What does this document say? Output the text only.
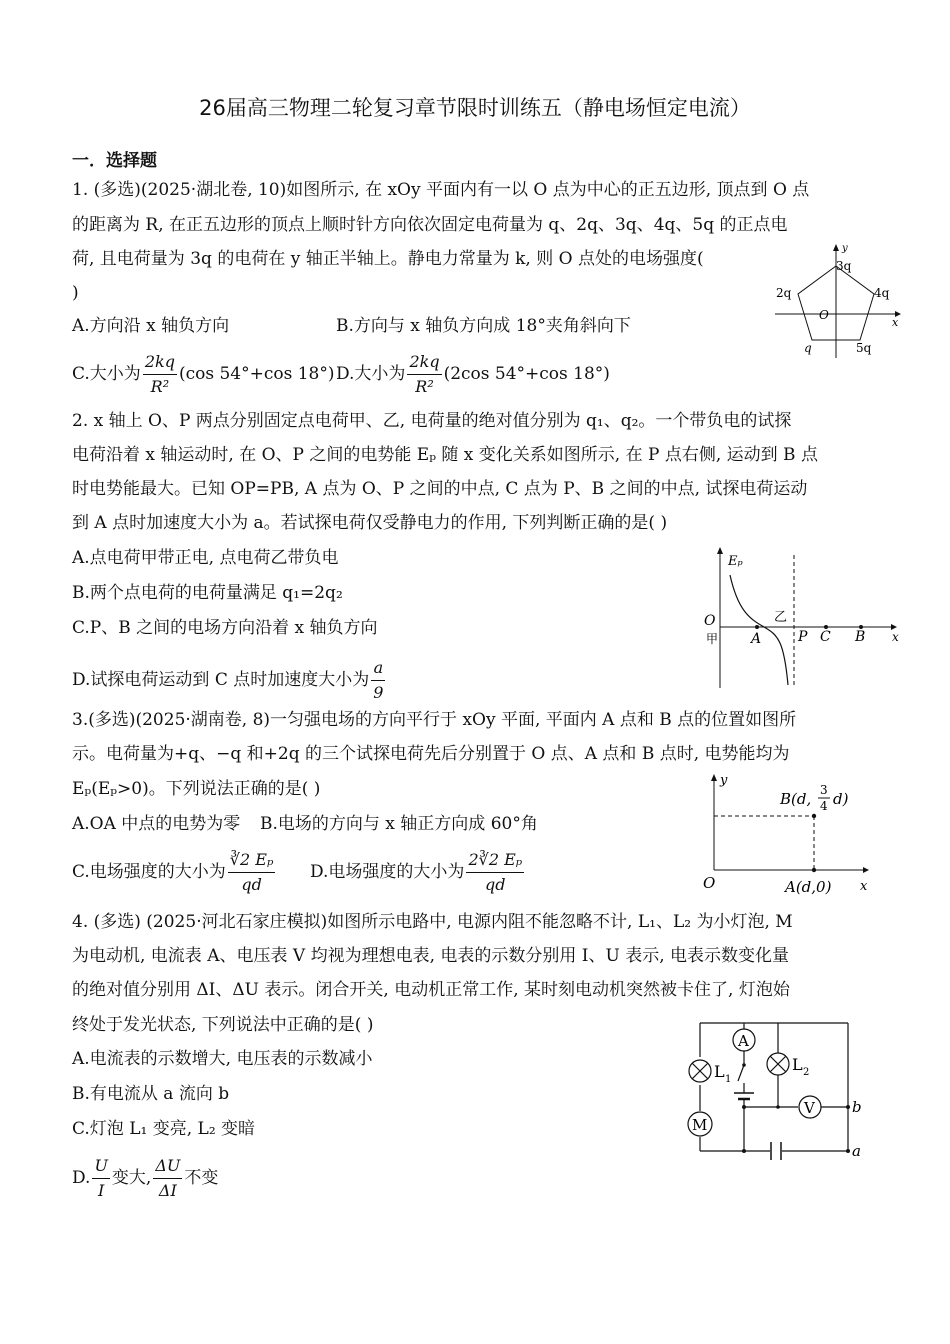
26届高三物理二轮复习章节限时训练五（静电场恒定电流）
一．选择题
1. (多选)(2025·湖北卷, 10)如图所示, 在 xOy 平面内有一以 O 点为中心的正五边形, 顶点到 O 点
的距离为 R, 在正五边形的顶点上顺时针方向依次固定电荷量为 q、2q、3q、4q、5q 的正点电
荷, 且电荷量为 3q 的电荷在 y 轴正半轴上。静电力常量为 k, 则 O 点处的电场强度(
)
A.方向沿 x 轴负方向	B.方向与 x 轴负方向成 18°夹角斜向下
C.大小为 $\frac{2kq}{\text{R²}} (\cos$ 54°+cos 18°) D.大小为 $\frac{2kq}{\text{R²}} (2\cos$ 54°+cos 18°)
y
x
O
3q
4q
5q
q
2q
2. x 轴上 O、P 两点分别固定点电荷甲、乙, 电荷量的绝对值分别为 q₁、q₂。一个带负电的试探
电荷沿着 x 轴运动时, 在 O、P 之间的电势能 Eₚ 随 x 变化关系如图所示, 在 P 点右侧, 运动到 B 点
时电势能最大。已知 OP=PB, A 点为 O、P 之间的中点, C 点为 P、B 之间的中点, 试探电荷运动
到 A 点时加速度大小为 a。若试探电荷仅受静电力的作用, 下列判断正确的是( )
A.点电荷甲带正电, 点电荷乙带负电
B.两个点电荷的电荷量满足 q₁=2q₂
C.P、B 之间的电场方向沿着 x 轴负方向
D.试探电荷运动到 C 点时加速度大小为 $\frac{a}{9}$
Eₚ
O
甲
乙
A	P C B x
3.(多选)(2025·湖南卷, 8)一匀强电场的方向平行于 xOy 平面, 平面内 A 点和 B 点的位置如图所
示。电荷量为+q、−q 和+2q 的三个试探电荷先后分别置于 O 点、A 点和 B 点时, 电势能均为
Eₚ(Eₚ>0)。下列说法正确的是( )
A.OA 中点的电势为零 B.电场的方向与 x 轴正方向成 60°角
C.电场强度的大小为 $\frac{\text{∛2 Eₚ}}{qd} D$.电场强度的大小为 $\frac{\text{2∛2 Eₚ}}{qd}$
y
O	x
B(d, 3
4 d)
A(d,0)
4. (多选) (2025·河北石家庄模拟)如图所示电路中, 电源内阻不能忽略不计, L₁、L₂ 为小灯泡, M
为电动机, 电流表 A、电压表 V 均视为理想电表, 电表的示数分别用 I、U 表示, 电表示数变化量
的绝对值分别用 ΔI、ΔU 表示。闭合开关, 电动机正常工作, 某时刻电动机突然被卡住了, 灯泡始
终处于发光状态, 下列说法中正确的是( )
A.电流表的示数增大, 电压表的示数减小
B.有电流从 a 流向 b
C.灯泡 L₁ 变亮, L₂ 变暗
D. $\frac{U}{I}$ 变大, $\frac{\Delta U}{\Delta I}$ 不变
A
L 1
M
L 2
V b
a
